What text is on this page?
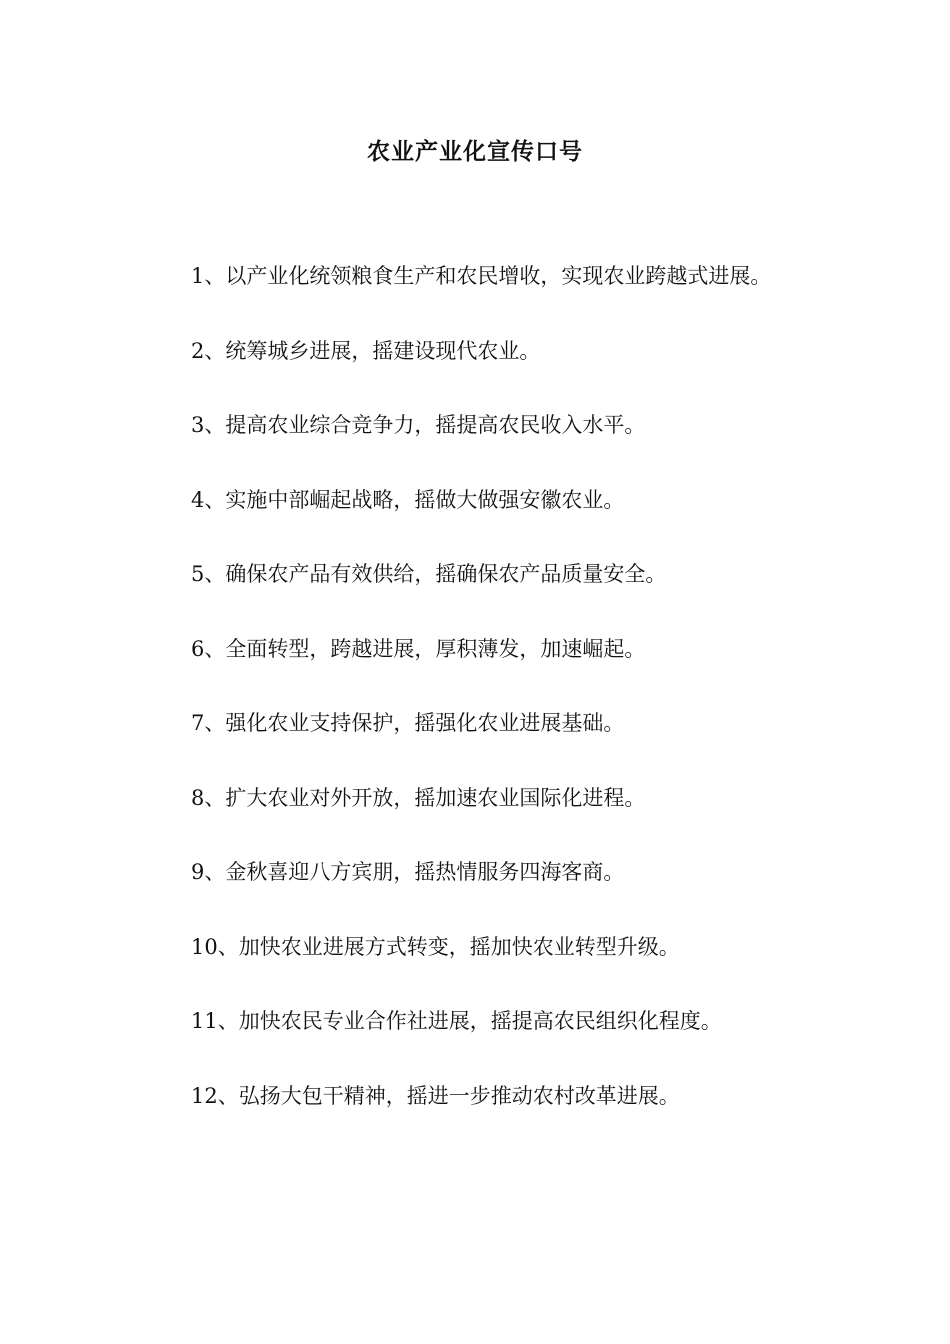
农业产业化宣传口号
1、以产业化统领粮食生产和农民增收，实现农业跨越式进展。
2、统筹城乡进展，摇建设现代农业。
3、提高农业综合竞争力，摇提高农民收入水平。
4、实施中部崛起战略，摇做大做强安徽农业。
5、确保农产品有效供给，摇确保农产品质量安全。
6、全面转型，跨越进展，厚积薄发，加速崛起。
7、强化农业支持保护，摇强化农业进展基础。
8、扩大农业对外开放，摇加速农业国际化进程。
9、金秋喜迎八方宾朋，摇热情服务四海客商。
10、加快农业进展方式转变，摇加快农业转型升级。
11、加快农民专业合作社进展，摇提高农民组织化程度。
12、弘扬大包干精神，摇进一步推动农村改革进展。
